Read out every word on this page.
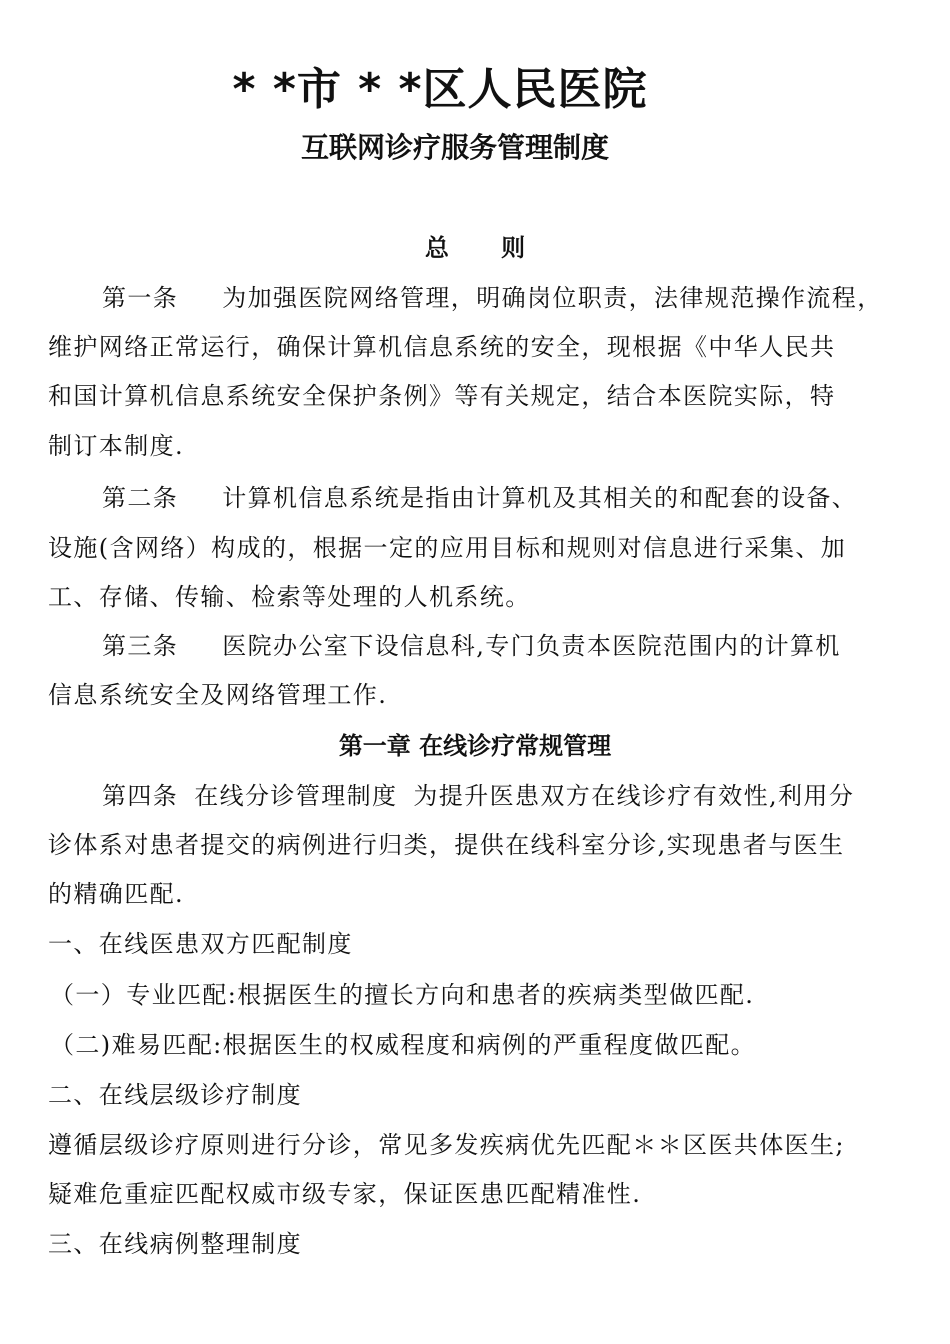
* *市 * *区人民医院
互联网诊疗服务管理制度
总 则
第一条 为加强医院网络管理，明确岗位职责，法律规范操作流程，
维护网络正常运行，确保计算机信息系统的安全，现根据《中华人民共
和国计算机信息系统安全保护条例》等有关规定，结合本医院实际，特
制订本制度.
第二条 计算机信息系统是指由计算机及其相关的和配套的设备、
设施(含网络）构成的，根据一定的应用目标和规则对信息进行采集、加
工、存储、传输、检索等处理的人机系统。
第三条 医院办公室下设信息科,专门负责本医院范围内的计算机
信息系统安全及网络管理工作.
第一章 在线诊疗常规管理
第四条 在线分诊管理制度 为提升医患双方在线诊疗有效性,利用分
诊体系对患者提交的病例进行归类，提供在线科室分诊,实现患者与医生
的精确匹配.
一、在线医患双方匹配制度
（一）专业匹配:根据医生的擅长方向和患者的疾病类型做匹配.
（二)难易匹配:根据医生的权威程度和病例的严重程度做匹配。
二、在线层级诊疗制度
遵循层级诊疗原则进行分诊，常见多发疾病优先匹配＊＊区医共体医生;
疑难危重症匹配权威市级专家，保证医患匹配精准性.
三、在线病例整理制度
